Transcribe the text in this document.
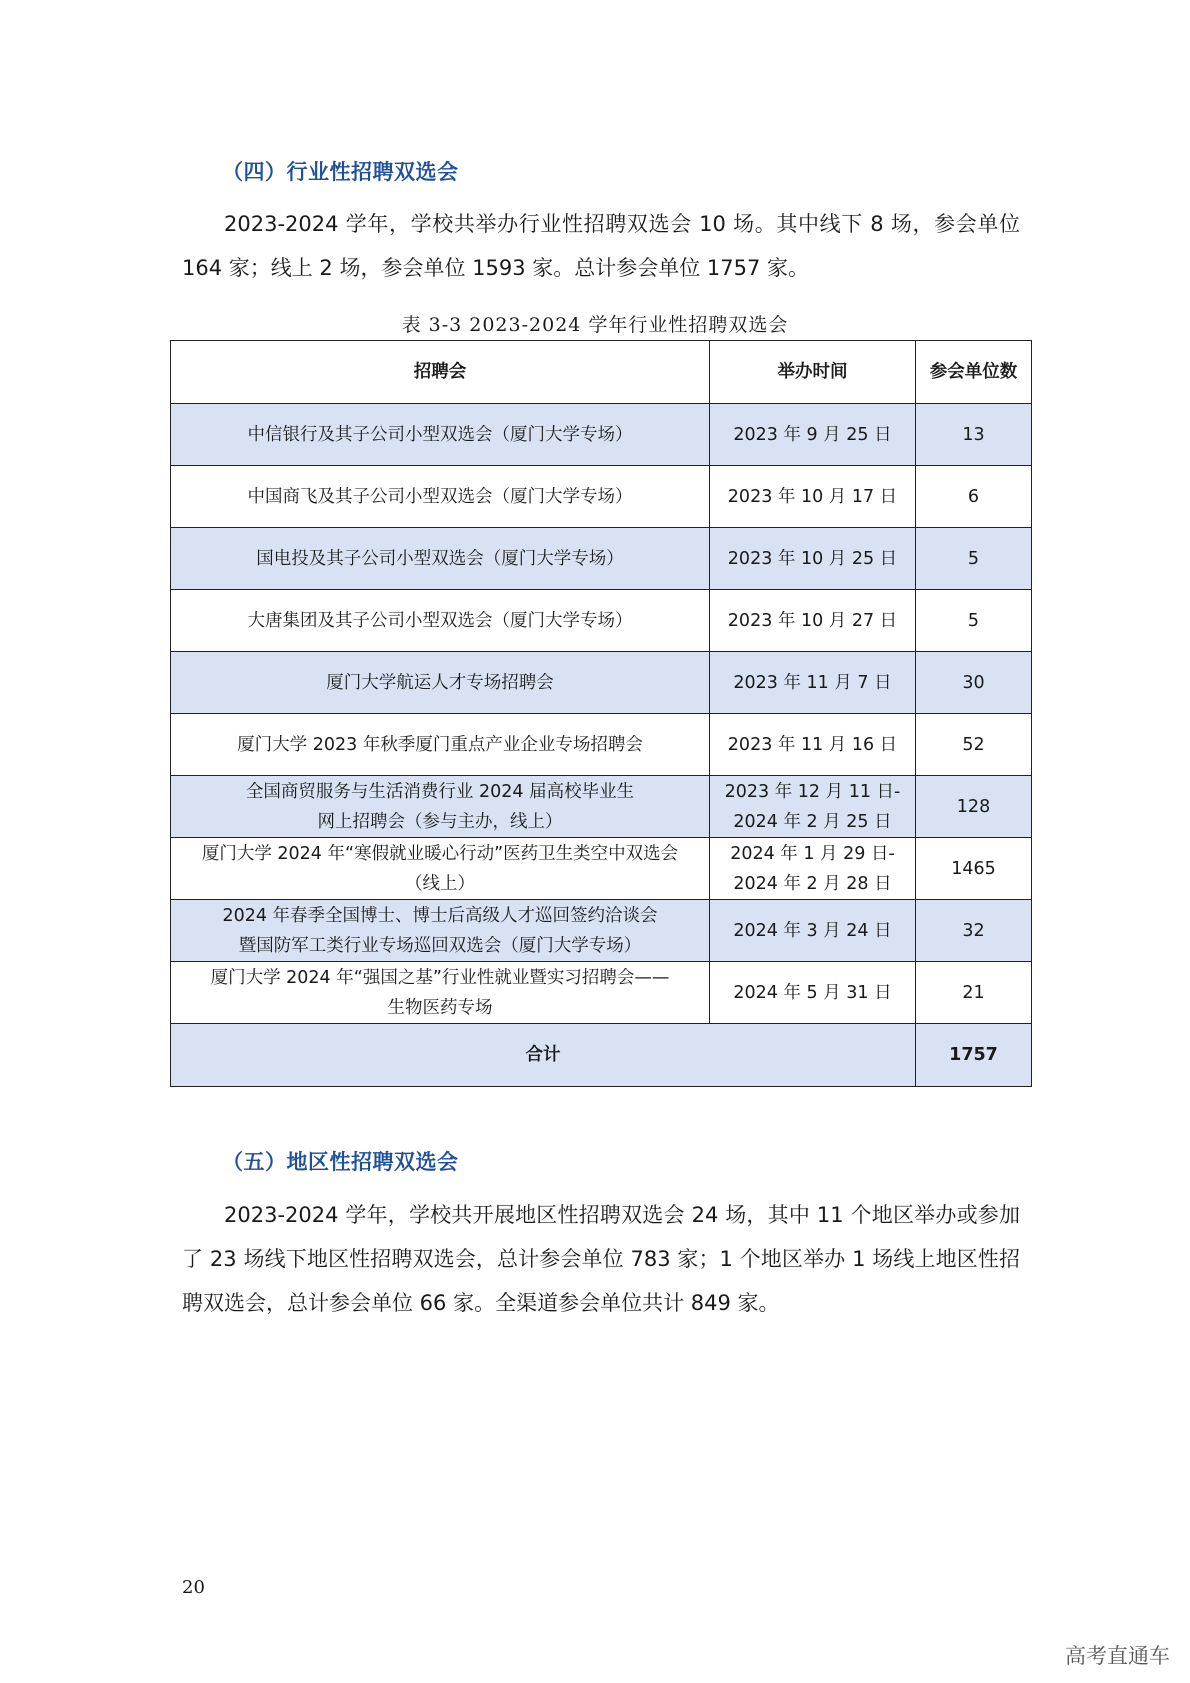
（四）行业性招聘双选会

2023-2024 学年，学校共举办行业性招聘双选会 10 场。其中线下 8 场，参会单位 164 家；线上 2 场，参会单位 1593 家。总计参会单位 1757 家。

表 3-3 2023-2024 学年行业性招聘双选会
招聘会	举办时间	参会单位数

中信银行及其子公司小型双选会（厦门大学专场）	2023 年 9 月 25 日	13

中国商飞及其子公司小型双选会（厦门大学专场）	2023 年 10 月 17 日	6

国电投及其子公司小型双选会（厦门大学专场）	2023 年 10 月 25 日	5

大唐集团及其子公司小型双选会（厦门大学专场）	2023 年 10 月 27 日	5

厦门大学航运人才专场招聘会	2023 年 11 月 7 日	30

厦门大学 2023 年秋季厦门重点产业企业专场招聘会	2023 年 11 月 16 日	52

全国商贸服务与生活消费行业 2024 届高校毕业生
网上招聘会（参与主办，线上）	2023 年 12 月 11 日-
2024 年 2 月 25 日	128

厦门大学 2024 年“寒假就业暖心行动”医药卫生类空中双选会
（线上）	2024 年 1 月 29 日-
2024 年 2 月 28 日	1465

2024 年春季全国博士、博士后高级人才巡回签约洽谈会
暨国防军工类行业专场巡回双选会（厦门大学专场）	2024 年 3 月 24 日	32

厦门大学 2024 年“强国之基”行业性就业暨实习招聘会——
生物医药专场	2024 年 5 月 31 日	21
合计		1757
（五）地区性招聘双选会

2023-2024 学年，学校共开展地区性招聘双选会 24 场，其中 11 个地区举办或参加了 23 场线下地区性招聘双选会，总计参会单位 783 家；1 个地区举办 1 场线上地区性招聘双选会，总计参会单位 66 家。全渠道参会单位共计 849 家。

20
高考直通车
